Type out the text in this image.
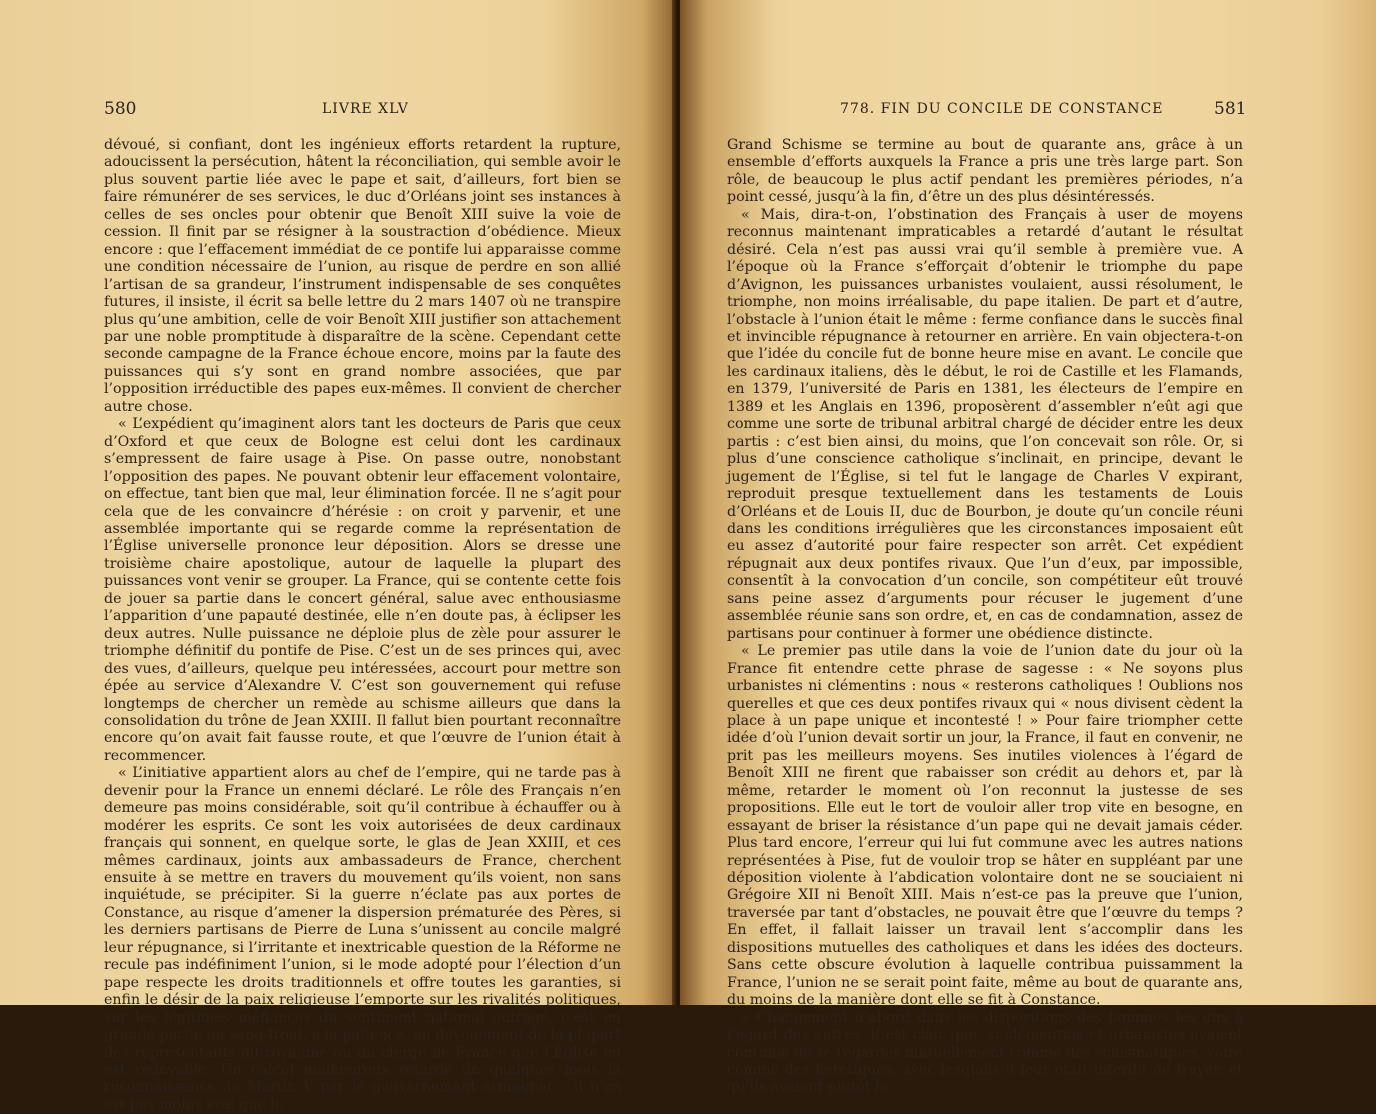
580	LIVRE XLV

dévoué, si confiant, dont les ingénieux efforts retardent la rupture, adoucissent la persécution, hâtent la réconciliation, qui semble avoir le plus souvent partie liée avec le pape et sait, d’ailleurs, fort bien se faire rémunérer de ses services, le duc d’Orléans joint ses instances à celles de ses oncles pour obtenir que Benoît XIII suive la voie de cession. Il finit par se résigner à la soustraction d’obédience. Mieux encore : que l’effacement immédiat de ce pontife lui apparaisse comme une condition nécessaire de l’union, au risque de perdre en son allié l’artisan de sa grandeur, l’instrument indispensable de ses conquêtes futures, il insiste, il écrit sa belle lettre du 2 mars 1407 où ne transpire plus qu’une ambition, celle de voir Benoît XIII justifier son attachement par une noble promptitude à disparaître de la scène. Cependant cette seconde campagne de la France échoue encore, moins par la faute des puissances qui s’y sont en grand nombre associées, que par l’opposition irréductible des papes eux-mêmes. Il convient de chercher autre chose.

« L’expédient qu’imaginent alors tant les docteurs de Paris que ceux d’Oxford et que ceux de Bologne est celui dont les cardinaux s’empressent de faire usage à Pise. On passe outre, nonobstant l’opposition des papes. Ne pouvant obtenir leur effacement volontaire, on effectue, tant bien que mal, leur élimination forcée. Il ne s’agit pour cela que de les convaincre d’hérésie : on croit y parvenir, et une assemblée importante qui se regarde comme la représentation de l’Église universelle prononce leur déposition. Alors se dresse une troisième chaire apostolique, autour de laquelle la plupart des puissances vont venir se grouper. La France, qui se contente cette fois de jouer sa partie dans le concert général, salue avec enthousiasme l’apparition d’une papauté destinée, elle n’en doute pas, à éclipser les deux autres. Nulle puissance ne déploie plus de zèle pour assurer le triomphe définitif du pontife de Pise. C’est un de ses princes qui, avec des vues, d’ailleurs, quelque peu intéressées, accourt pour mettre son épée au service d’Alexandre V. C’est son gouvernement qui refuse longtemps de chercher un remède au schisme ailleurs que dans la consolidation du trône de Jean XXIII. Il fallut bien pourtant reconnaître encore qu’on avait fait fausse route, et que l’œuvre de l’union était à recommencer.

« L’initiative appartient alors au chef de l’empire, qui ne tarde pas à devenir pour la France un ennemi déclaré. Le rôle des Français n’en demeure pas moins considérable, soit qu’il contribue à échauffer ou à modérer les esprits. Ce sont les voix autorisées de deux cardinaux français qui sonnent, en quelque sorte, le glas de Jean XXIII, et ces mêmes cardinaux, joints aux ambassadeurs de France, cherchent ensuite à se mettre en travers du mouvement qu’ils voient, non sans inquiétude, se précipiter. Si la guerre n’éclate pas aux portes de Constance, au risque d’amener la dispersion prématurée des Pères, si les derniers partisans de Pierre de Luna s’unissent au concile malgré leur répugnance, si l’irritante et inextricable question de la Réforme ne recule pas indéfiniment l’union, si le mode adopté pour l’élection d’un pape respecte les droits traditionnels et offre toutes les garanties, si enfin le désir de la paix religieuse l’emporte sur les rivalités politiques, sur les légitimes méfiances du sentiment national outragé, c’est en grande partie au sang-froid, à la patience, au dévouement de la plupart des représentants du royaume ou du clergé de France que l’Église en est redevable. Un calcul malheureux retarde de quelques mois la reconnaissance de Martin V par le gouvernement armagnac : il n’en est pas moins vrai que le

778. FIN DU CONCILE DE CONSTANCE	581

Grand Schisme se termine au bout de quarante ans, grâce à un ensemble d’efforts auxquels la France a pris une très large part. Son rôle, de beaucoup le plus actif pendant les premières périodes, n’a point cessé, jusqu’à la fin, d’être un des plus désintéressés.

« Mais, dira-t-on, l’obstination des Français à user de moyens reconnus maintenant impraticables a retardé d’autant le résultat désiré. Cela n’est pas aussi vrai qu’il semble à première vue. A l’époque où la France s’efforçait d’obtenir le triomphe du pape d’Avignon, les puissances urbanistes voulaient, aussi résolument, le triomphe, non moins irréalisable, du pape italien. De part et d’autre, l’obstacle à l’union était le même : ferme confiance dans le succès final et invincible répugnance à retourner en arrière. En vain objectera-t-on que l’idée du concile fut de bonne heure mise en avant. Le concile que les cardinaux italiens, dès le début, le roi de Castille et les Flamands, en 1379, l’université de Paris en 1381, les électeurs de l’empire en 1389 et les Anglais en 1396, proposèrent d’assembler n’eût agi que comme une sorte de tribunal arbitral chargé de décider entre les deux partis : c’est bien ainsi, du moins, que l’on concevait son rôle. Or, si plus d’une conscience catholique s’inclinait, en principe, devant le jugement de l’Église, si tel fut le langage de Charles V expirant, reproduit presque textuellement dans les testaments de Louis d’Orléans et de Louis II, duc de Bourbon, je doute qu’un concile réuni dans les conditions irrégulières que les circonstances imposaient eût eu assez d’autorité pour faire respecter son arrêt. Cet expédient répugnait aux deux pontifes rivaux. Que l’un d’eux, par impossible, consentît à la convocation d’un concile, son compétiteur eût trouvé sans peine assez d’arguments pour récuser le jugement d’une assemblée réunie sans son ordre, et, en cas de condamnation, assez de partisans pour continuer à former une obédience distincte.

« Le premier pas utile dans la voie de l’union date du jour où la France fit entendre cette phrase de sagesse : « Ne soyons plus urbanistes ni clémentins : nous « resterons catholiques ! Oublions nos querelles et que ces deux pontifes rivaux qui « nous divisent cèdent la place à un pape unique et incontesté ! » Pour faire triompher cette idée d’où l’union devait sortir un jour, la France, il faut en convenir, ne prit pas les meilleurs moyens. Ses inutiles violences à l’égard de Benoît XIII ne firent que rabaisser son crédit au dehors et, par là même, retarder le moment où l’on reconnut la justesse de ses propositions. Elle eut le tort de vouloir aller trop vite en besogne, en essayant de briser la résistance d’un pape qui ne devait jamais céder. Plus tard encore, l’erreur qui lui fut commune avec les autres nations représentées à Pise, fut de vouloir trop se hâter en suppléant par une déposition violente à l’abdication volontaire dont ne se souciaient ni Grégoire XII ni Benoît XIII. Mais n’est-ce pas la preuve que l’union, traversée par tant d’obstacles, ne pouvait être que l’œuvre du temps ? En effet, il fallait laisser un travail lent s’accomplir dans les dispositions mutuelles des catholiques et dans les idées des docteurs. Sans cette obscure évolution à laquelle contribua puissamment la France, l’union ne se serait point faite, même au bout de quarante ans, du moins de la manière dont elle se fit à Constance.

« Changement d’abord dans les dispositions des hommes les uns à l’égard des autres. Il est clair que, si clémentins et urbanistes avaient continué de se regarder mutuellement comme des schismatiques, voire comme des hérétiques, avec lesquels il leur était interdit de frayer, et qu’ils avaient plutôt le
